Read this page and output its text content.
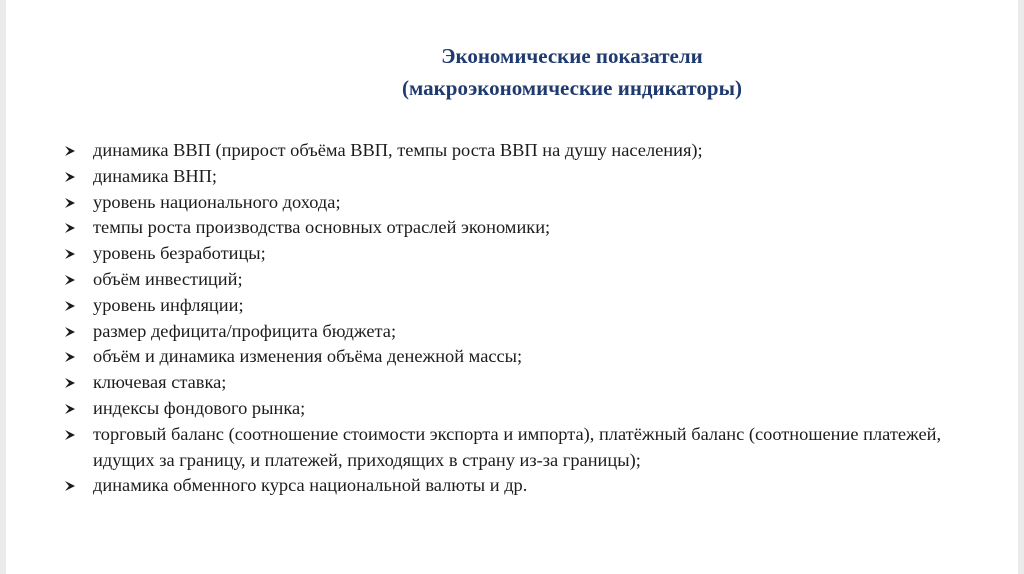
Экономические показатели
(макроэкономические индикаторы)
динамика ВВП (прирост объёма ВВП, темпы роста ВВП на душу населения);
динамика ВНП;
уровень национального дохода;
темпы роста производства основных отраслей экономики;
уровень безработицы;
объём инвестиций;
уровень инфляции;
размер дефицита/профицита бюджета;
объём и динамика изменения объёма денежной массы;
ключевая ставка;
индексы фондового рынка;
торговый баланс (соотношение стоимости экспорта и импорта), платёжный баланс (соотношение платежей, идущих за границу, и платежей, приходящих в страну из-за границы);
динамика обменного курса национальной валюты и др.
